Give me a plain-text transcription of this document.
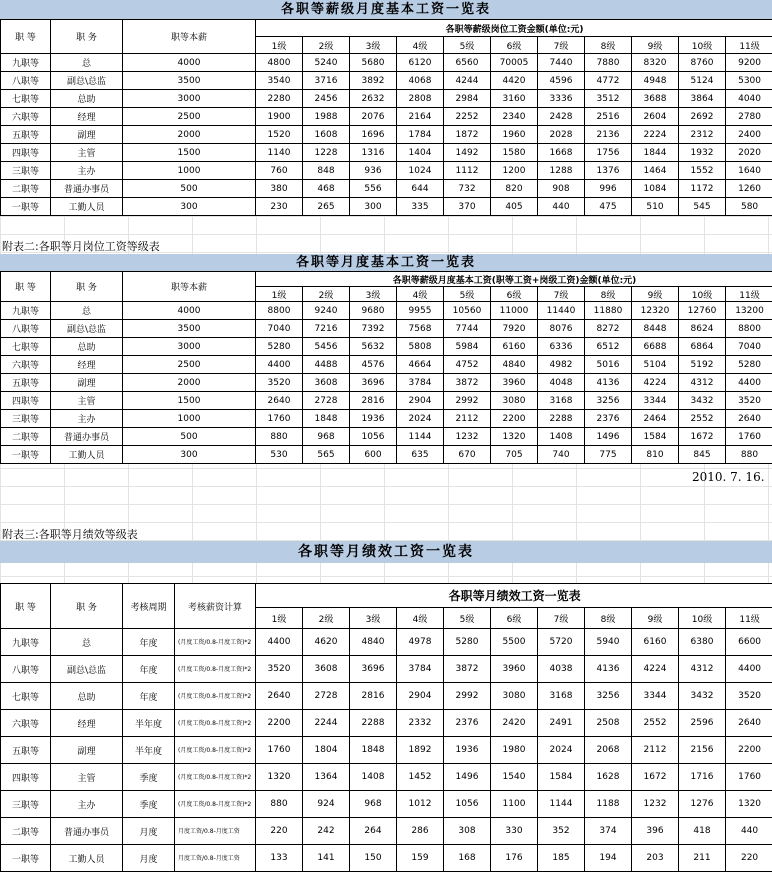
各职等薪级月度基本工资一览表
职 等	职 务	职等本薪	各职等薪级岗位工资金额(单位:元)										
			1级	2级	3级	4级	5级	6级	7级	8级	9级	10级	11级
九职等	总	4000	4800	5240	5680	6120	6560	70005	7440	7880	8320	8760	9200
八职等	副总\总监	3500	3540	3716	3892	4068	4244	4420	4596	4772	4948	5124	5300
七职等	总助	3000	2280	2456	2632	2808	2984	3160	3336	3512	3688	3864	4040
六职等	经理	2500	1900	1988	2076	2164	2252	2340	2428	2516	2604	2692	2780
五职等	副理	2000	1520	1608	1696	1784	1872	1960	2028	2136	2224	2312	2400
四职等	主管	1500	1140	1228	1316	1404	1492	1580	1668	1756	1844	1932	2020
三职等	主办	1000	760	848	936	1024	1112	1200	1288	1376	1464	1552	1640
二职等	普通办事员	500	380	468	556	644	732	820	908	996	1084	1172	1260
一职等	工勤人员	300	230	265	300	335	370	405	440	475	510	545	580
附表二:各职等月岗位工资等级表
各职等月度基本工资一览表
职 等	职 务	职等本薪	各职等薪级月度基本工资(职等工资+岗级工资)金额(单位:元)										
			1级	2级	3级	4级	5级	6级	7级	8级	9级	10级	11级
九职等	总	4000	8800	9240	9680	9955	10560	11000	11440	11880	12320	12760	13200
八职等	副总\总监	3500	7040	7216	7392	7568	7744	7920	8076	8272	8448	8624	8800
七职等	总助	3000	5280	5456	5632	5808	5984	6160	6336	6512	6688	6864	7040
六职等	经理	2500	4400	4488	4576	4664	4752	4840	4982	5016	5104	5192	5280
五职等	副理	2000	3520	3608	3696	3784	3872	3960	4048	4136	4224	4312	4400
四职等	主管	1500	2640	2728	2816	2904	2992	3080	3168	3256	3344	3432	3520
三职等	主办	1000	1760	1848	1936	2024	2112	2200	2288	2376	2464	2552	2640
二职等	普通办事员	500	880	968	1056	1144	1232	1320	1408	1496	1584	1672	1760
一职等	工勤人员	300	530	565	600	635	670	705	740	775	810	845	880
2010. 7. 16.
附表三:各职等月绩效等级表
各职等月绩效工资一览表
职 等	职 务	考核周期	考核薪资计算	各职等月绩效工资一览表										
				1级	2级	3级	4级	5级	6级	7级	8级	9级	10级	11级
九职等	总	年度	(月度工资/0.8-月度工资)*2	4400	4620	4840	4978	5280	5500	5720	5940	6160	6380	6600
八职等	副总\总监	年度	(月度工资/0.8-月度工资)*2	3520	3608	3696	3784	3872	3960	4038	4136	4224	4312	4400
七职等	总助	年度	(月度工资/0.8-月度工资)*2	2640	2728	2816	2904	2992	3080	3168	3256	3344	3432	3520
六职等	经理	半年度	(月度工资/0.8-月度工资)*2	2200	2244	2288	2332	2376	2420	2491	2508	2552	2596	2640
五职等	副理	半年度	(月度工资/0.8-月度工资)*2	1760	1804	1848	1892	1936	1980	2024	2068	2112	2156	2200
四职等	主管	季度	(月度工资/0.8-月度工资)*2	1320	1364	1408	1452	1496	1540	1584	1628	1672	1716	1760
三职等	主办	季度	(月度工资/0.8-月度工资)*2	880	924	968	1012	1056	1100	1144	1188	1232	1276	1320
二职等	普通办事员	月度	月度工资/0.8-月度工资	220	242	264	286	308	330	352	374	396	418	440
一职等	工勤人员	月度	月度工资/0.8-月度工资	133	141	150	159	168	176	185	194	203	211	220
